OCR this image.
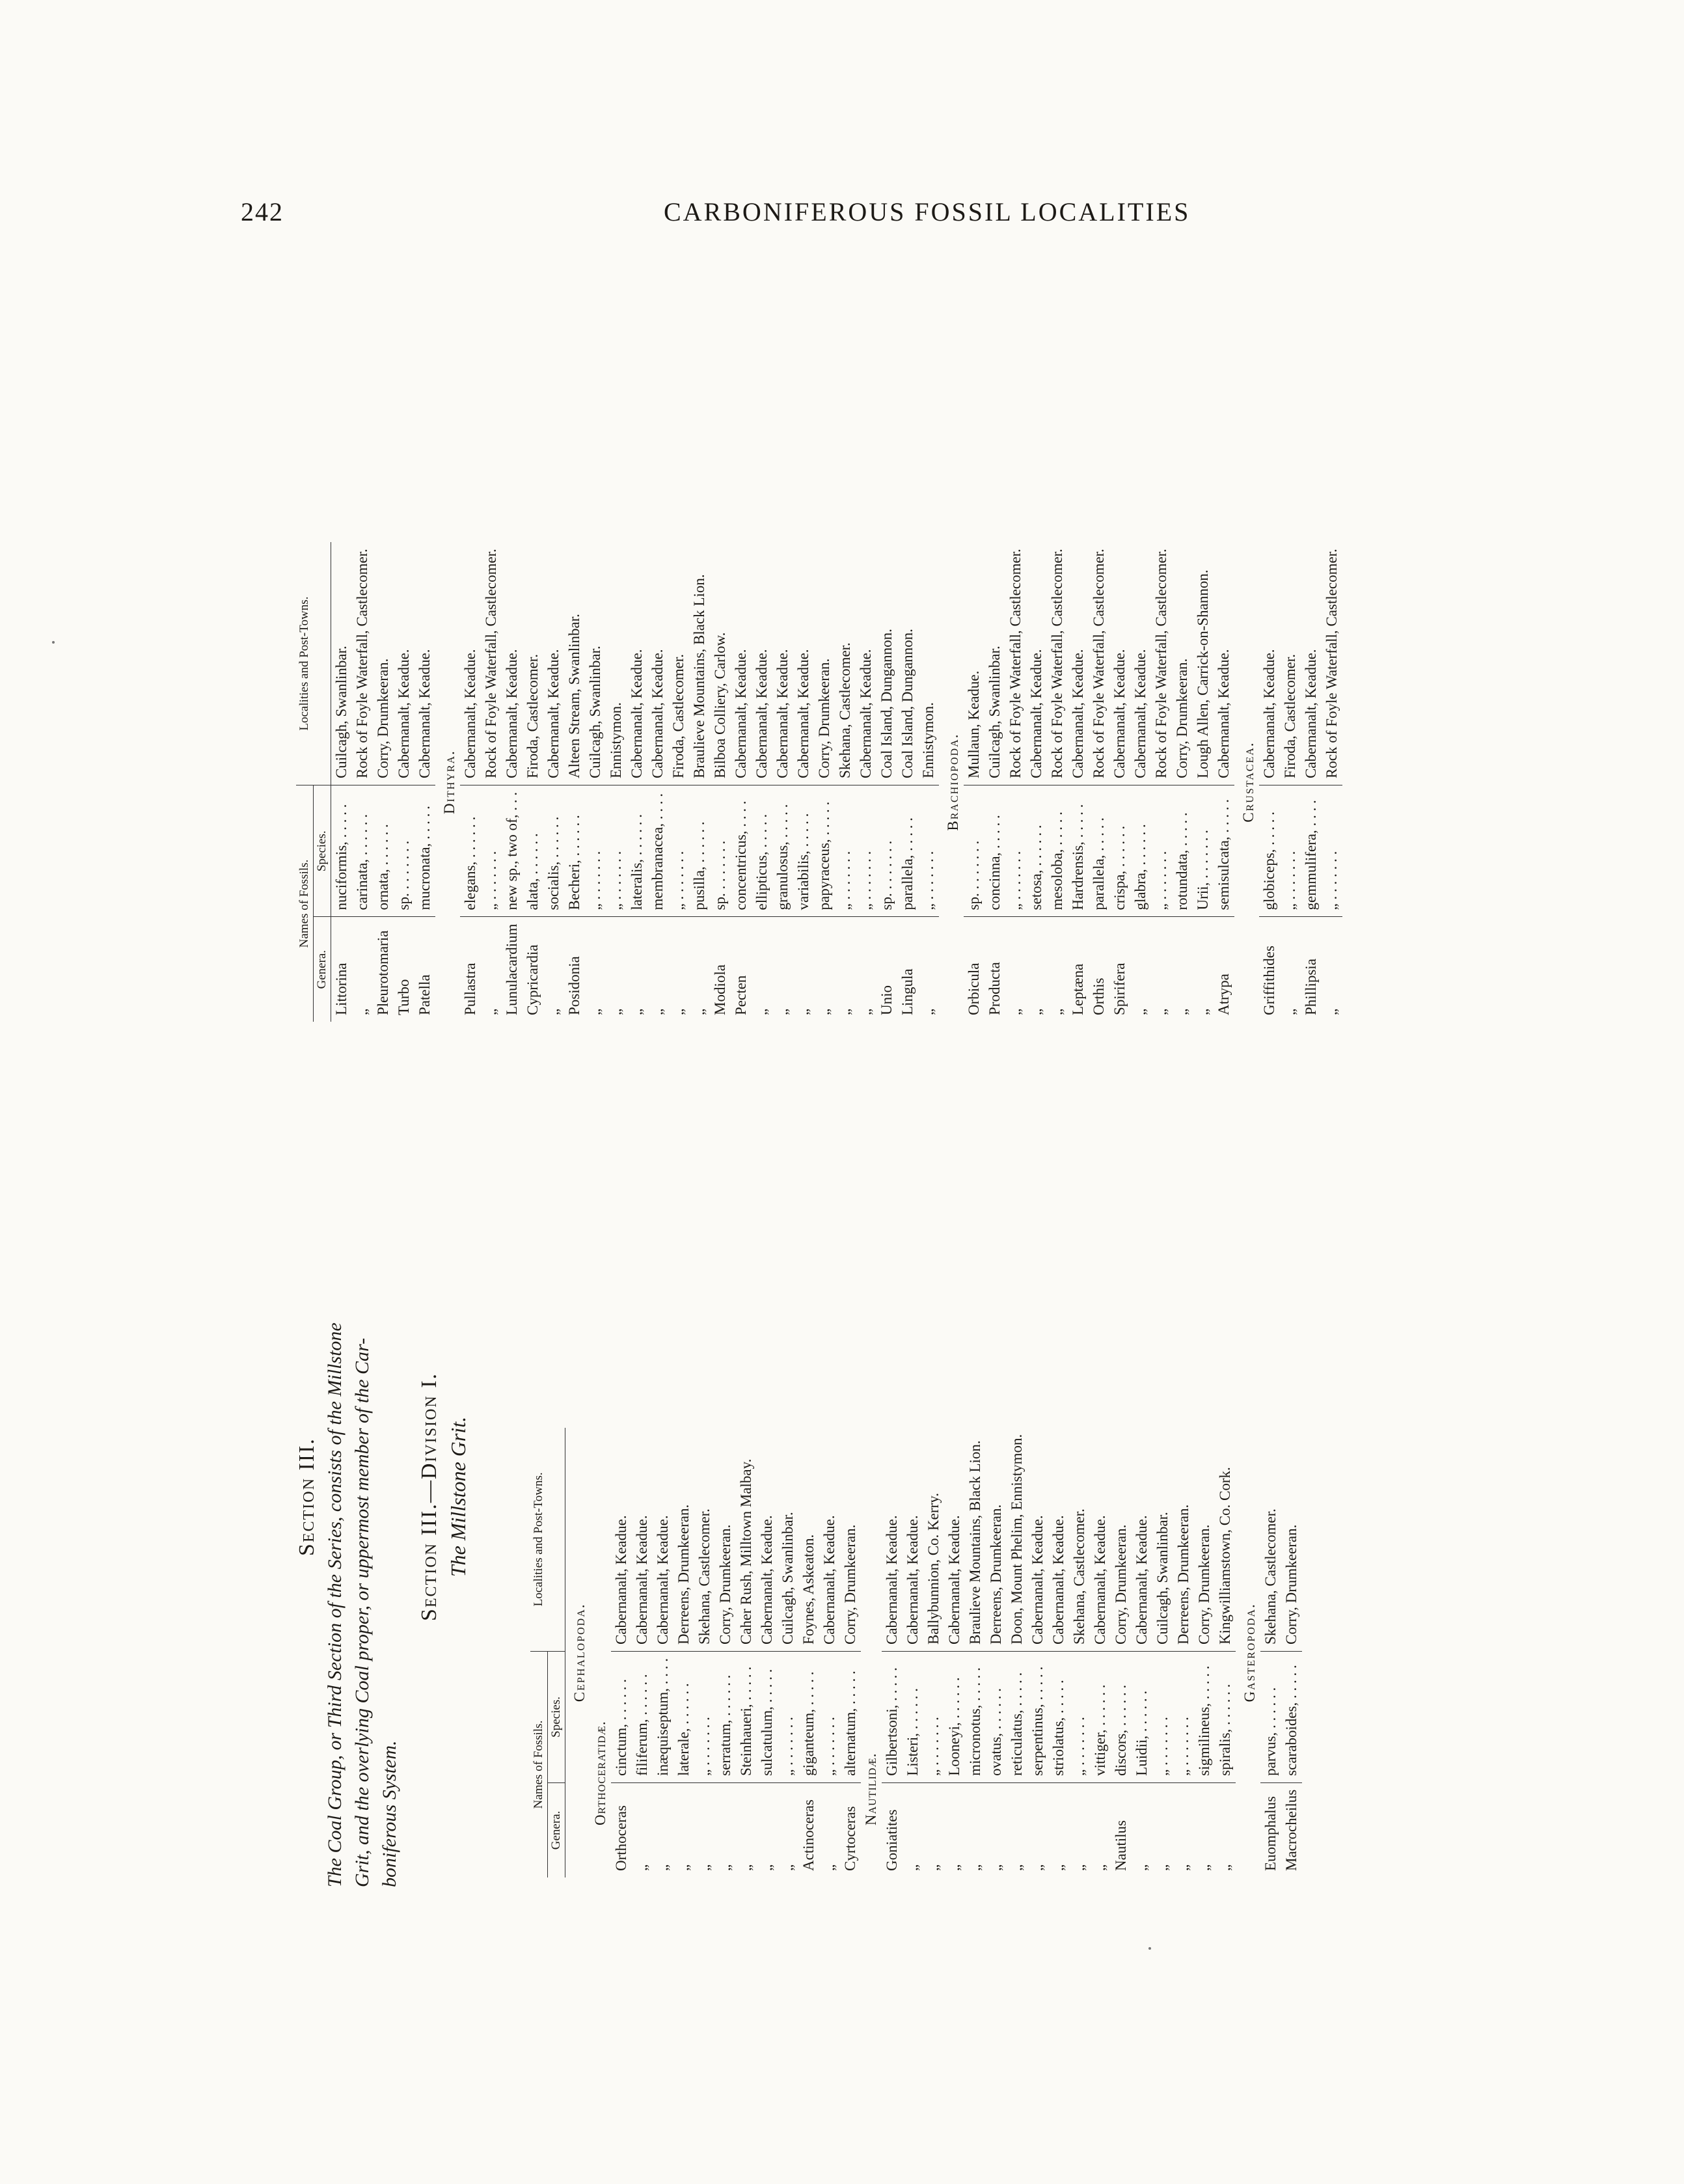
242	CARBONIFEROUS FOSSIL LOCALITIES
Names of Fossils.		Localities and Post-Towns.
Genera.	Species.	
Littorina	nuciformis, . . . . .	Cuilcagh, Swanlinbar.
„	carinata, . . . . . .	Rock of Foyle Waterfall, Castlecomer.
Pleurotomaria	ornata, . . . . . .	Corry, Drumkeeran.
Turbo	sp. . . . . . . .	Cabernanalt, Keadue.
Patella	mucronata, . . . . .	Cabernanalt, Keadue.
Dithyra.		
Pullastra	elegans, . . . . . .	Cabernanalt, Keadue.
„	„ . . . . . . .	Rock of Foyle Waterfall, Castlecomer.
Lunulacardium	new sp., two of, . . .	Cabernanalt, Keadue.
Cypricardia	alata, . . . . . .	Firoda, Castlecomer.
„	socialis, . . . . . .	Cabernanalt, Keadue.
Posidonia	Becheri, . . . . . .	Alteen Stream, Swanlinbar.
„	„ . . . . . . .	Cuilcagh, Swanlinbar.
„	„ . . . . . . .	Ennistymon.
„	lateralis, . . . . . .	Cabernanalt, Keadue.
„	membranacea, . . . .	Cabernanalt, Keadue.
„	„ . . . . . . .	Firoda, Castlecomer.
„	pusilla, . . . . . .	Braulieve Mountains, Black Lion.
Modiola	sp. . . . . . . .	Bilboa Colliery, Carlow.
Pecten	concentricus, . . . .	Cabernanalt, Keadue.
„	ellipticus, . . . . .	Cabernanalt, Keadue.
„	granulosus, . . . . .	Cabernanalt, Keadue.
„	variabilis, . . . . .	Cabernanalt, Keadue.
„	papyraceus, . . . . .	Corry, Drumkeeran.
„	„ . . . . . . .	Skehana, Castlecomer.
„	„ . . . . . . .	Cabernanalt, Keadue.
Unio	sp. . . . . . . .	Coal Island, Dungannon.
Lingula	parallela, . . . . .	Coal Island, Dungannon.
„	„ . . . . . . .	Ennistymon.
Brachiopoda.		
Orbicula	sp. . . . . . . .	Mullaun, Keadue.
Producta	concinna, . . . . .	Cuilcagh, Swanlinbar.
„	„ . . . . . . .	Rock of Foyle Waterfall, Castlecomer.
„	setosa, . . . . . .	Cabernanalt, Keadue.
„	mesoloba, . . . . .	Rock of Foyle Waterfall, Castlecomer.
Leptæna	Hardrensis, . . . . .	Cabernanalt, Keadue.
Orthis	parallela, . . . . .	Rock of Foyle Waterfall, Castlecomer.
Spirifera	crispa, . . . . . .	Cabernanalt, Keadue.
„	glabra, . . . . . .	Cabernanalt, Keadue.
„	„ . . . . . . .	Rock of Foyle Waterfall, Castlecomer.
„	rotundata, . . . . .	Corry, Drumkeeran.
„	Urii, . . . . . . .	Lough Allen, Carrick-on-Shannon.
Atrypa	semisulcata, . . . . .	Cabernanalt, Keadue.
Crustacea.		
Griffithides	globiceps, . . . . .	Cabernanalt, Keadue.
„	„ . . . . . . .	Firoda, Castlecomer.
Phillipsia	gemmulifera, . . . .	Cabernanalt, Keadue.
„	„ . . . . . . .	Rock of Foyle Waterfall, Castlecomer.
Section III. The Coal Group, or Third Section of the Series, consists of the Millstone Grit, and the overlying Coal proper, or uppermost member of the Car- boniferous System.
Section III.—Division I. The Millstone Grit.
Names of Fossils.		Localities and Post-Towns.
Genera.	Species.	
Cephalopoda.		
Orthoceratidæ.		
Orthoceras	cinctum, . . . . . .	Cabernanalt, Keadue.
„	filiferum, . . . . . .	Cabernanalt, Keadue.
„	inæquiseptum, . . . .	Cabernanalt, Keadue.
„	laterale, . . . . . .	Derreens, Drumkeeran.
„	„ . . . . . . .	Skehana, Castlecomer.
„	serratum, . . . . . .	Corry, Drumkeeran.
„	Steinhaueri, . . . . .	Caher Rush, Milltown Malbay.
„	sulcatulum, . . . . .	Cabernanalt, Keadue.
„	„ . . . . . . .	Cuilcagh, Swanlinbar.
Actinoceras	giganteum, . . . . .	Foynes, Askeaton.
„	„ . . . . . . .	Cabernanalt, Keadue.
Cyrtoceras	alternatum, . . . . .	Corry, Drumkeeran.
Nautilidæ.		
Goniatites	Gilbertsoni, . . . . .	Cabernanalt, Keadue.
„	Listeri, . . . . . .	Cabernanalt, Keadue.
„	„ . . . . . . .	Ballybunnion, Co. Kerry.
„	Looneyi, . . . . . .	Cabernanalt, Keadue.
„	micronotus, . . . . .	Braulieve Mountains, Black Lion.
„	ovatus, . . . . . .	Derreens, Drumkeeran.
„	reticulatus, . . . . .	Doon, Mount Phelim, Ennistymon.
„	serpentinus, . . . . .	Cabernanalt, Keadue.
„	striolatus, . . . . .	Cabernanalt, Keadue.
„	„ . . . . . . .	Skehana, Castlecomer.
„	vittiger, . . . . . .	Cabernanalt, Keadue.
Nautilus	discors, . . . . . .	Corry, Drumkeeran.
„	Luidii, . . . . . .	Cabernanalt, Keadue.
„	„ . . . . . . .	Cuilcagh, Swanlinbar.
„	„ . . . . . . .	Derreens, Drumkeeran.
„	sigmilineus, . . . . .	Corry, Drumkeeran.
„	spiralis, . . . . . .	Kingwilliamstown, Co. Cork.
Gasteropoda.		
Euomphalus	parvus, . . . . . .	Skehana, Castlecomer.
Macrocheilus	scaraboides, . . . . .	Corry, Drumkeeran.
